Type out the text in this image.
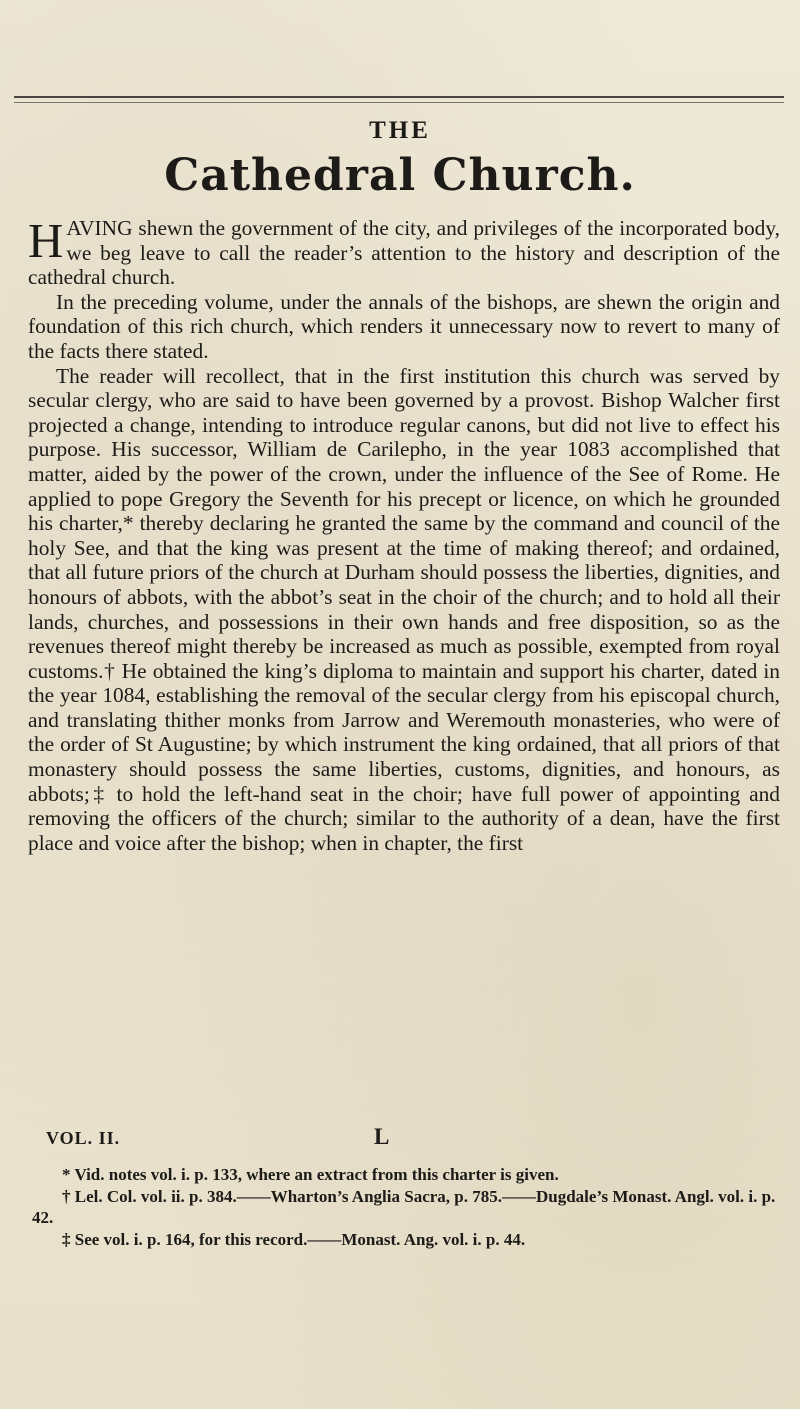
THE
Cathedral Church.

HAVING shewn the government of the city, and privileges of the incorporated body, we beg leave to call the reader’s attention to the history and description of the cathedral church.

In the preceding volume, under the annals of the bishops, are shewn the origin and foundation of this rich church, which renders it unnecessary now to revert to many of the facts there stated.

The reader will recollect, that in the first institution this church was served by secular clergy, who are said to have been governed by a provost. Bishop Walcher first projected a change, intending to introduce regular canons, but did not live to effect his purpose. His successor, William de Carilepho, in the year 1083 accomplished that matter, aided by the power of the crown, under the influence of the See of Rome. He applied to pope Gregory the Seventh for his precept or licence, on which he grounded his charter,* thereby declaring he granted the same by the command and council of the holy See, and that the king was present at the time of making thereof; and ordained, that all future priors of the church at Durham should possess the liberties, dignities, and honours of abbots, with the abbot’s seat in the choir of the church; and to hold all their lands, churches, and possessions in their own hands and free disposition, so as the revenues thereof might thereby be increased as much as possible, exempted from royal customs.† He obtained the king’s diploma to maintain and support his charter, dated in the year 1084, establishing the removal of the secular clergy from his episcopal church, and translating thither monks from Jarrow and Weremouth monasteries, who were of the order of St Augustine; by which instrument the king ordained, that all priors of that monastery should possess the same liberties, customs, dignities, and honours, as abbots;‡ to hold the left-hand seat in the choir; have full power of appointing and removing the officers of the church; similar to the authority of a dean, have the first place and voice after the bishop; when in chapter, the first

VOL. II.	L

* Vid. notes vol. i. p. 133, where an extract from this charter is given.

† Lel. Col. vol. ii. p. 384.——Wharton’s Anglia Sacra, p. 785.——Dugdale’s Monast. Angl. vol. i. p. 42.

‡ See vol. i. p. 164, for this record.——Monast. Ang. vol. i. p. 44.
